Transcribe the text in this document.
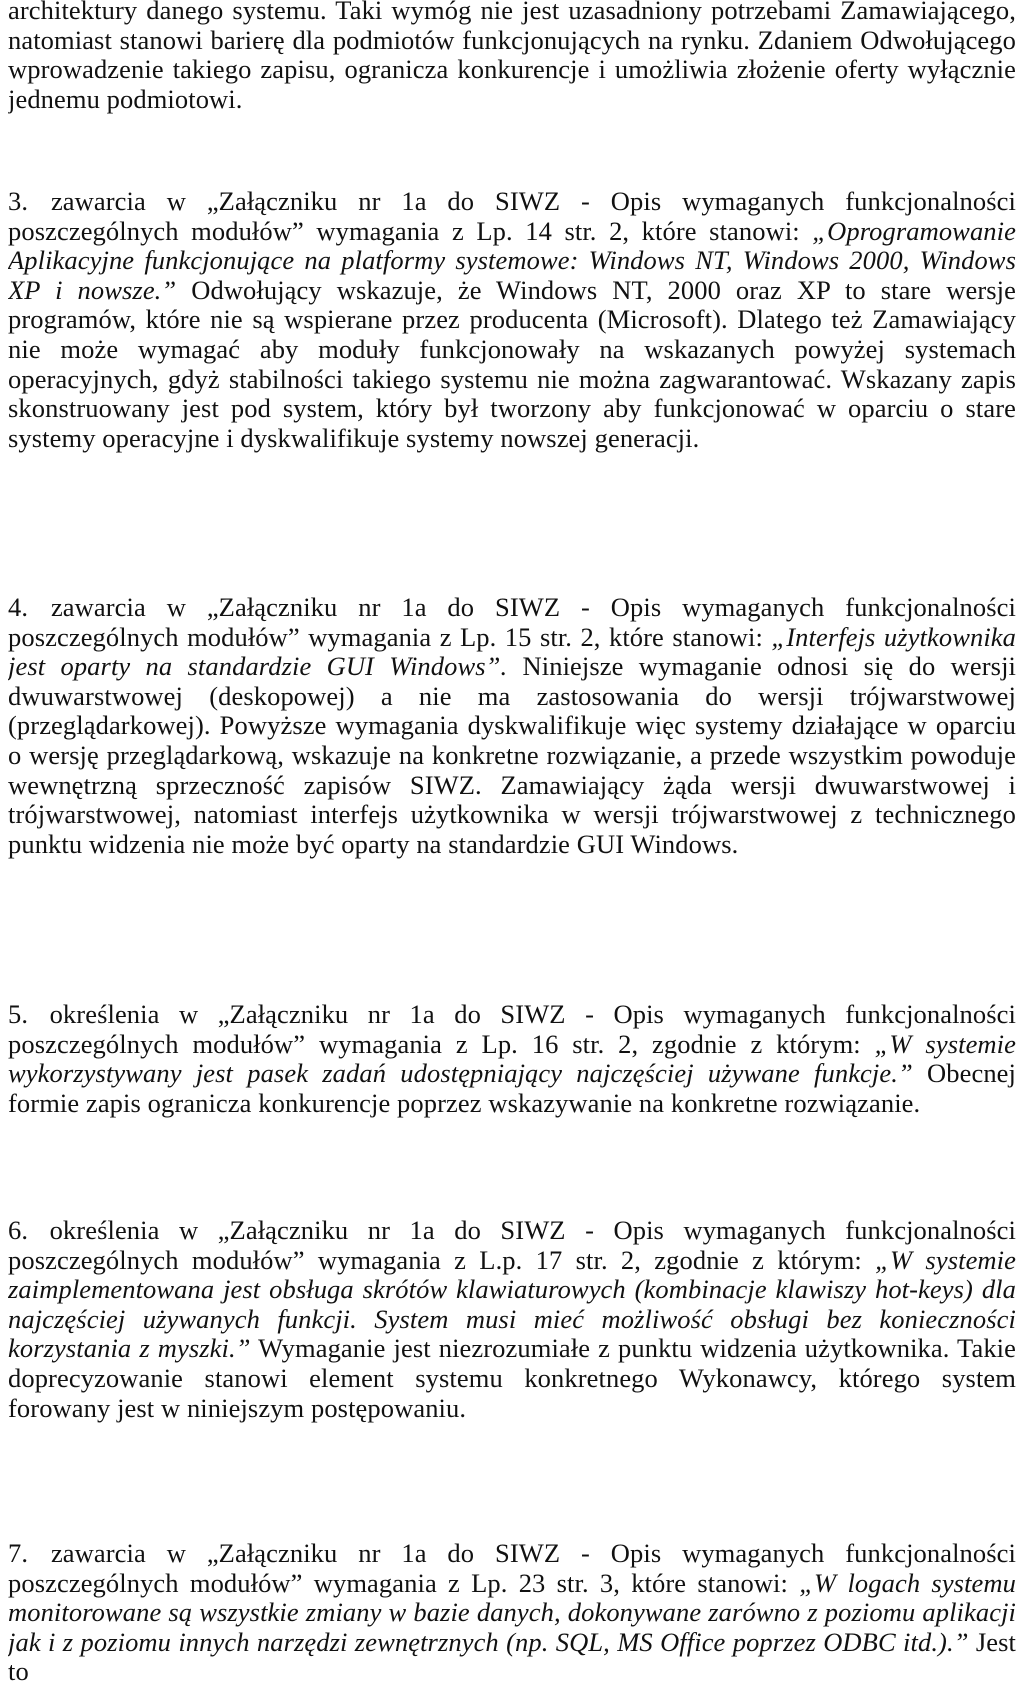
architektury danego systemu. Taki wymóg nie jest uzasadniony potrzebami Zamawiającego, natomiast stanowi barierę dla podmiotów funkcjonujących na rynku. Zdaniem Odwołującego wprowadzenie takiego zapisu, ogranicza konkurencje i umożliwia złożenie oferty wyłącznie jednemu podmiotowi.

3. zawarcia w „Załączniku nr 1a do SIWZ - Opis wymaganych funkcjonalności poszczególnych modułów” wymagania z Lp. 14 str. 2, które stanowi: „Oprogramowanie Aplikacyjne funkcjonujące na platformy systemowe: Windows NT, Windows 2000, Windows XP i nowsze.” Odwołujący wskazuje, że Windows NT, 2000 oraz XP to stare wersje programów, które nie są wspierane przez producenta (Microsoft). Dlatego też Zamawiający nie może wymagać aby moduły funkcjonowały na wskazanych powyżej systemach operacyjnych, gdyż stabilności takiego systemu nie można zagwarantować. Wskazany zapis skonstruowany jest pod system, który był tworzony aby funkcjonować w oparciu o stare systemy operacyjne i dyskwalifikuje systemy nowszej generacji.

4. zawarcia w „Załączniku nr 1a do SIWZ - Opis wymaganych funkcjonalności poszczególnych modułów” wymagania z Lp. 15 str. 2, które stanowi: „Interfejs użytkownika jest oparty na standardzie GUI Windows”. Niniejsze wymaganie odnosi się do wersji dwuwarstwowej (deskopowej) a nie ma zastosowania do wersji trójwarstwowej (przeglądarkowej). Powyższe wymagania dyskwalifikuje więc systemy działające w oparciu o wersję przeglądarkową, wskazuje na konkretne rozwiązanie, a przede wszystkim powoduje wewnętrzną sprzeczność zapisów SIWZ. Zamawiający żąda wersji dwuwarstwowej i trójwarstwowej, natomiast interfejs użytkownika w wersji trójwarstwowej z technicznego punktu widzenia nie może być oparty na standardzie GUI Windows.

5. określenia w „Załączniku nr 1a do SIWZ - Opis wymaganych funkcjonalności poszczególnych modułów” wymagania z Lp. 16 str. 2, zgodnie z którym: „W systemie wykorzystywany jest pasek zadań udostępniający najczęściej używane funkcje.” Obecnej formie zapis ogranicza konkurencje poprzez wskazywanie na konkretne rozwiązanie.

6. określenia w „Załączniku nr 1a do SIWZ - Opis wymaganych funkcjonalności poszczególnych modułów” wymagania z L.p. 17 str. 2, zgodnie z którym: „W systemie zaimplementowana jest obsługa skrótów klawiaturowych (kombinacje klawiszy hot-keys) dla najczęściej używanych funkcji. System musi mieć możliwość obsługi bez konieczności korzystania z myszki.” Wymaganie jest niezrozumiałe z punktu widzenia użytkownika. Takie doprecyzowanie stanowi element systemu konkretnego Wykonawcy, którego system forowany jest w niniejszym postępowaniu.

7. zawarcia w „Załączniku nr 1a do SIWZ - Opis wymaganych funkcjonalności poszczególnych modułów” wymagania z Lp. 23 str. 3, które stanowi: „W logach systemu monitorowane są wszystkie zmiany w bazie danych, dokonywane zarówno z poziomu aplikacji jak i z poziomu innych narzędzi zewnętrznych (np. SQL, MS Office poprzez ODBC itd.).” Jest to
